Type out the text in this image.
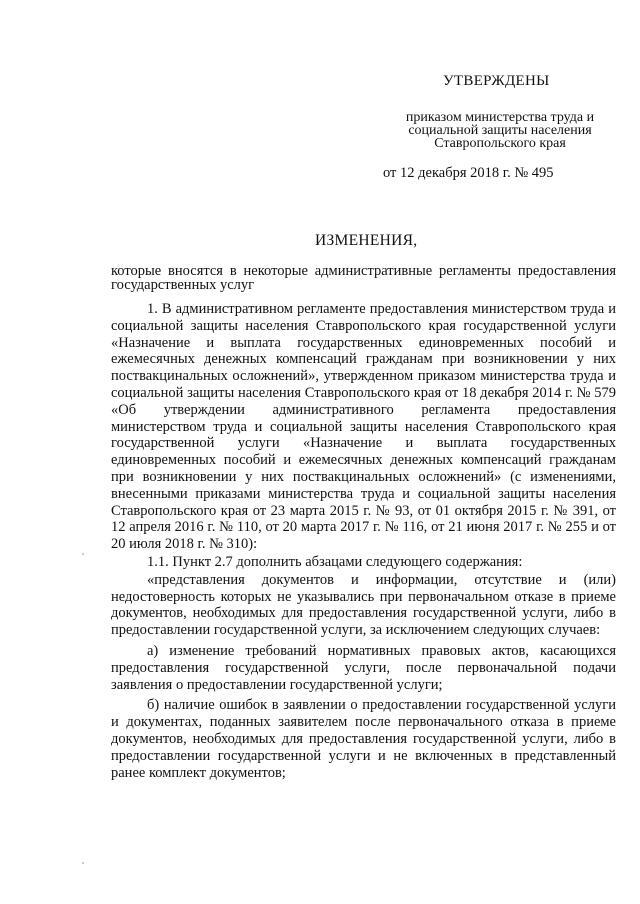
УТВЕРЖДЕНЫ
приказом министерства труда и
социальной защиты населения
Ставропольского края
от 12 декабря 2018 г. № 495
ИЗМЕНЕНИЯ,
которые вносятся в некоторые административные регламенты предоставления государственных услуг

1. В административном регламенте предоставления министерством труда и социальной защиты населения Ставропольского края государственной услуги «Назначение и выплата государственных единовременных пособий и ежемесячных денежных компенсаций гражданам при возникновении у них поствакцинальных осложнений», утвержденном приказом министерства труда и социальной защиты населения Ставропольского края от 18 декабря 2014 г. № 579 «Об утверждении административного регламента предоставления министерством труда и социальной защиты населения Ставропольского края государственной услуги «Назначение и выплата государственных единовременных пособий и ежемесячных денежных компенсаций гражданам при возникновении у них поствакцинальных осложнений» (с изменениями, внесенными приказами министерства труда и социальной защиты населения Ставропольского края от 23 марта 2015 г. № 93, от 01 октября 2015 г. № 391, от 12 апреля 2016 г. № 110, от 20 марта 2017 г. № 116, от 21 июня 2017 г. № 255 и от 20 июля 2018 г. № 310):

1.1. Пункт 2.7 дополнить абзацами следующего содержания:

«представления документов и информации, отсутствие и (или) недостоверность которых не указывались при первоначальном отказе в приеме документов, необходимых для предоставления государственной услуги, либо в предоставлении государственной услуги, за исключением следующих случаев:

а) изменение требований нормативных правовых актов, касающихся предоставления государственной услуги, после первоначальной подачи заявления о предоставлении государственной услуги;

б) наличие ошибок в заявлении о предоставлении государственной услуги и документах, поданных заявителем после первоначального отказа в приеме документов, необходимых для предоставления государственной услуги, либо в предоставлении государственной услуги и не включенных в представленный ранее комплект документов;
